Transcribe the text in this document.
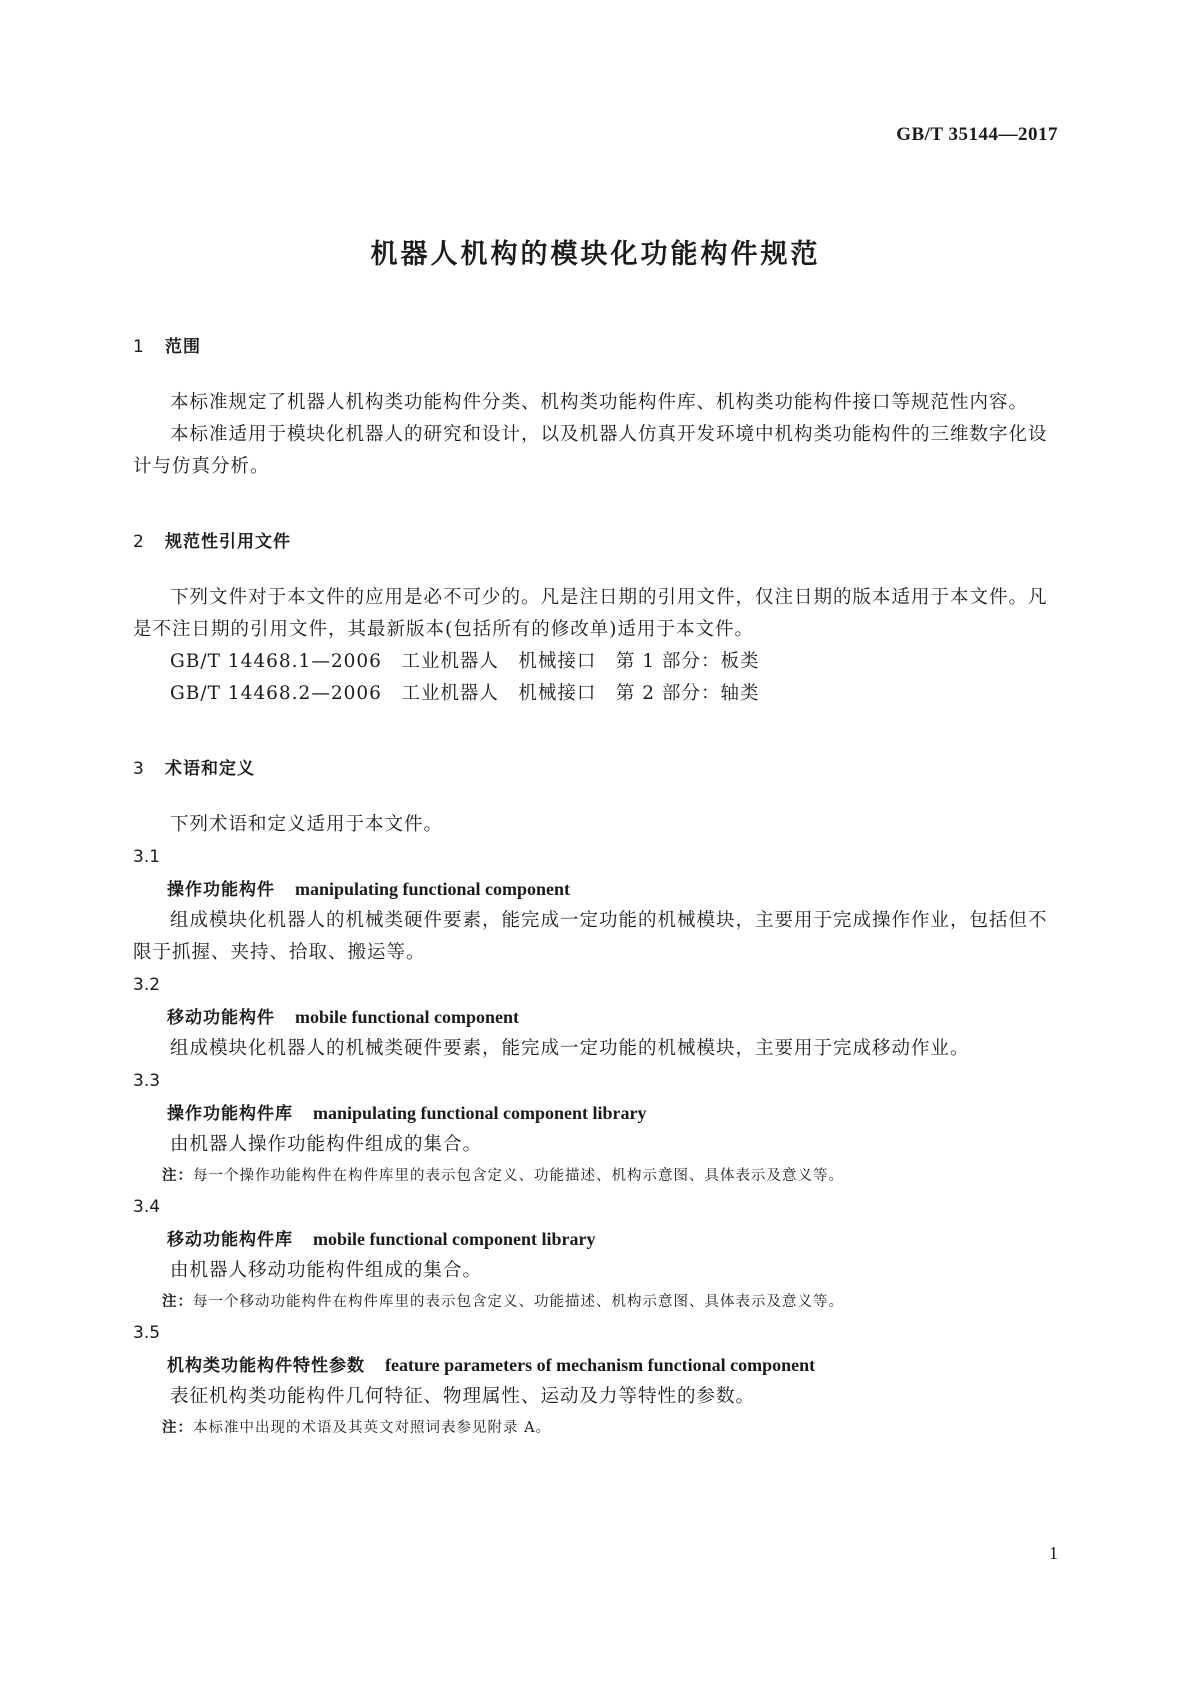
GB/T 35144—2017
机器人机构的模块化功能构件规范
1 范围

本标准规定了机器人机构类功能构件分类、机构类功能构件库、机构类功能构件接口等规范性内容。

本标准适用于模块化机器人的研究和设计，以及机器人仿真开发环境中机构类功能构件的三维数字化设计与仿真分析。

2 规范性引用文件

下列文件对于本文件的应用是必不可少的。凡是注日期的引用文件，仅注日期的版本适用于本文件。凡是不注日期的引用文件，其最新版本(包括所有的修改单)适用于本文件。

GB/T 14468.1—2006　工业机器人　机械接口　第 1 部分：板类

GB/T 14468.2—2006　工业机器人　机械接口　第 2 部分：轴类

3 术语和定义

下列术语和定义适用于本文件。

3.1
操作功能构件 manipulating functional component

组成模块化机器人的机械类硬件要素，能完成一定功能的机械模块，主要用于完成操作作业，包括但不限于抓握、夹持、拾取、搬运等。

3.2
移动功能构件 mobile functional component

组成模块化机器人的机械类硬件要素，能完成一定功能的机械模块，主要用于完成移动作业。

3.3
操作功能构件库 manipulating functional component library

由机器人操作功能构件组成的集合。

注：每一个操作功能构件在构件库里的表示包含定义、功能描述、机构示意图、具体表示及意义等。

3.4
移动功能构件库 mobile functional component library

由机器人移动功能构件组成的集合。

注：每一个移动功能构件在构件库里的表示包含定义、功能描述、机构示意图、具体表示及意义等。

3.5
机构类功能构件特性参数 feature parameters of mechanism functional component

表征机构类功能构件几何特征、物理属性、运动及力等特性的参数。

注：本标准中出现的术语及其英文对照词表参见附录 A。

1
